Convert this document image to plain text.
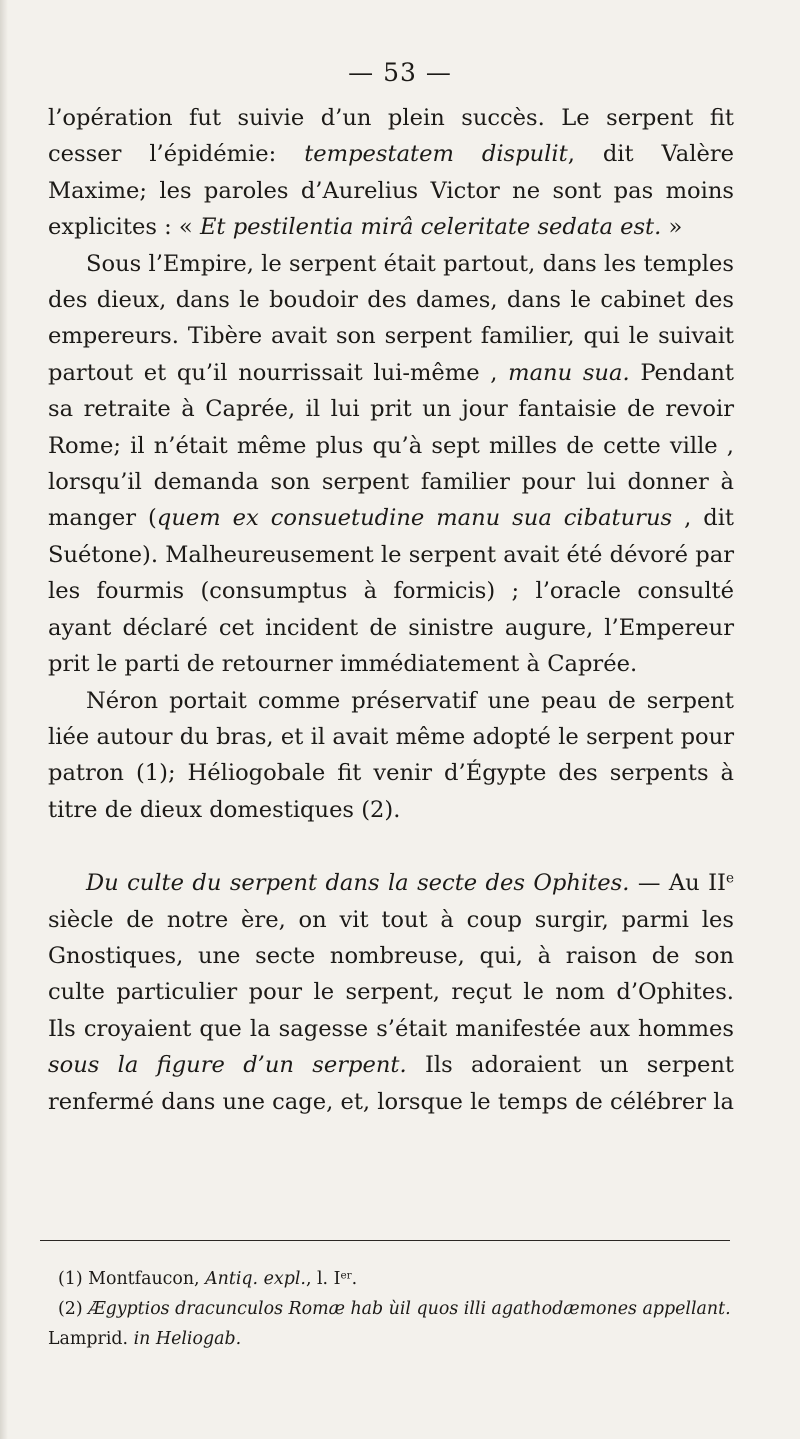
— 53 —

l’opération fut suivie d’un plein succès. Le serpent fit cesser l’épidémie: tempestatem dispulit, dit Valère Maxime; les paroles d’Aurelius Victor ne sont pas moins explicites : « Et pestilentia mirâ celeritate sedata est. »

Sous l’Empire, le serpent était partout, dans les temples des dieux, dans le boudoir des dames, dans le cabinet des empereurs. Tibère avait son serpent familier, qui le suivait partout et qu’il nourrissait lui-même , manu sua. Pendant sa retraite à Caprée, il lui prit un jour fantaisie de revoir Rome; il n’était même plus qu’à sept milles de cette ville , lorsqu’il demanda son serpent familier pour lui donner à manger (quem ex consuetudine manu sua cibaturus , dit Suétone). Malheureusement le serpent avait été dévoré par les fourmis (consumptus à formicis) ; l’oracle consulté ayant déclaré cet incident de sinistre augure, l’Empereur prit le parti de retourner immédiatement à Caprée.

Néron portait comme préservatif une peau de serpent liée autour du bras, et il avait même adopté le serpent pour patron (1); Héliogobale fit venir d’Égypte des serpents à titre de dieux domestiques (2).

Du culte du serpent dans la secte des Ophites. — Au IIe siècle de notre ère, on vit tout à coup surgir, parmi les Gnostiques, une secte nombreuse, qui, à raison de son culte particulier pour le serpent, reçut le nom d’Ophites. Ils croyaient que la sagesse s’était manifestée aux hommes sous la figure d’un serpent. Ils adoraient un serpent renfermé dans une cage, et, lorsque le temps de célébrer la

(1) Montfaucon, Antiq. expl., l. Ier.

(2) Ægyptios dracunculos Romæ hab ùil quos illi agathodæmones appellant. Lamprid. in Heliogab.
